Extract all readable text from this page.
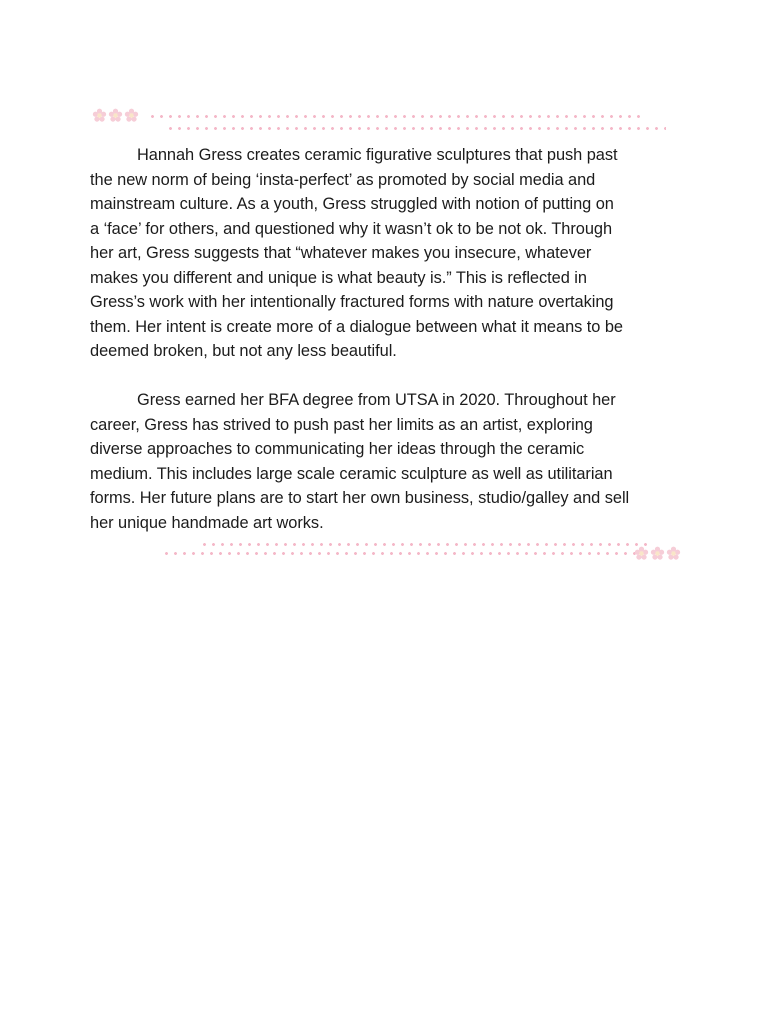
Hannah Gress creates ceramic figurative sculptures that push past
the new norm of being ‘insta-perfect’ as promoted by social media and
mainstream culture. As a youth, Gress struggled with notion of putting on
a ‘face’ for others, and questioned why it wasn’t ok to be not ok. Through
her art, Gress suggests that “whatever makes you insecure, whatever
makes you different and unique is what beauty is.” This is reflected in
Gress’s work with her intentionally fractured forms with nature overtaking
them. Her intent is create more of a dialogue between what it means to be
deemed broken, but not any less beautiful.

Gress earned her BFA degree from UTSA in 2020. Throughout her
career, Gress has strived to push past her limits as an artist, exploring
diverse approaches to communicating her ideas through the ceramic
medium. This includes large scale ceramic sculpture as well as utilitarian
forms. Her future plans are to start her own business, studio/galley and sell
her unique handmade art works.
